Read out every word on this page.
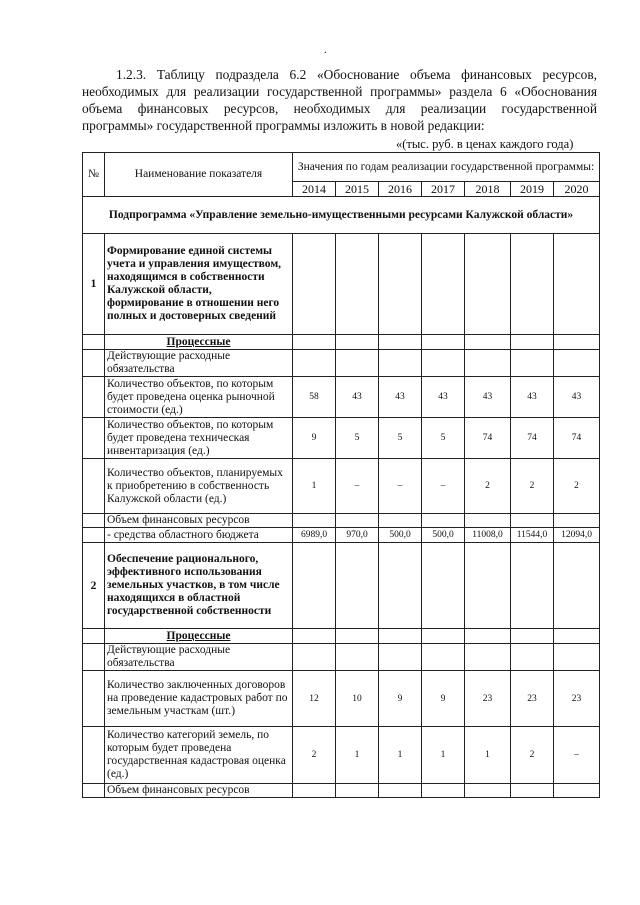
.
1.2.3. Таблицу подраздела 6.2 «Обоснование объема финансовых ресурсов, необходимых для реализации государственной программы» раздела 6 «Обоснования объема финансовых ресурсов, необходимых для реализации государственной программы» государственной программы изложить в новой редакции:
«(тыс. руб. в ценах каждого года)
№	Наименование показателя	Значения по годам реализации государственной программы:						
		2014	2015	2016	2017	2018	2019	2020
Подпрограмма «Управление земельно-имущественными ресурсами Калужской области»								
1	Формирование единой системы учета и управления имуществом, находящимся в собственности Калужской области, формирование в отношении него полных и достоверных сведений							
	Процессные							
	Действующие расходные обязательства							
	Количество объектов, по которым будет проведена оценка рыночной стоимости (ед.)	58	43	43	43	43	43	43
	Количество объектов, по которым будет проведена техническая инвентаризация (ед.)	9	5	5	5	74	74	74
	Количество объектов, планируемых к приобретению в собственность Калужской области (ед.)	1	–	–	–	2	2	2
	Объем финансовых ресурсов							
	- средства областного бюджета	6989,0	970,0	500,0	500,0	11008,0	11544,0	12094,0
2	Обеспечение рационального, эффективного использования земельных участков, в том числе находящихся в областной государственной собственности							
	Процессные							
	Действующие расходные обязательства							
	Количество заключенных договоров на проведение кадастровых работ по земельным участкам (шт.)	12	10	9	9	23	23	23
	Количество категорий земель, по которым будет проведена государственная кадастровая оценка (ед.)	2	1	1	1	1	2	–
	Объем финансовых ресурсов							
